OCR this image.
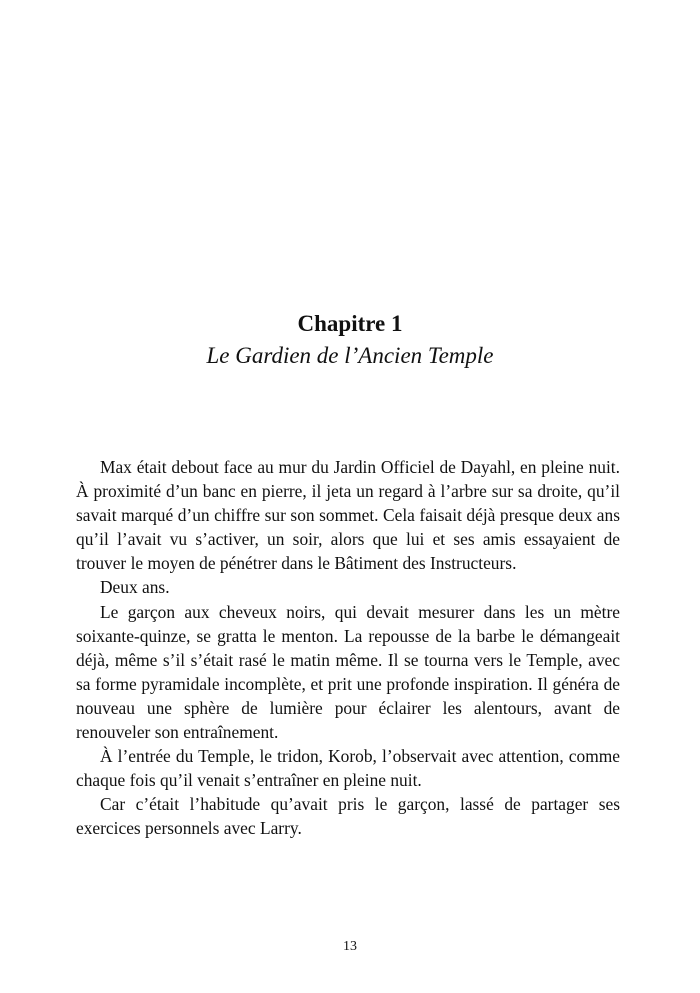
Chapitre 1
Le Gardien de l’Ancien Temple

Max était debout face au mur du Jardin Officiel de Dayahl, en pleine nuit. À proximité d’un banc en pierre, il jeta un regard à l’arbre sur sa droite, qu’il savait marqué d’un chiffre sur son sommet. Cela faisait déjà presque deux ans qu’il l’avait vu s’activer, un soir, alors que lui et ses amis essayaient de trouver le moyen de pénétrer dans le Bâtiment des Instructeurs.

Deux ans.

Le garçon aux cheveux noirs, qui devait mesurer dans les un mètre soixante-quinze, se gratta le menton. La repousse de la barbe le démangeait déjà, même s’il s’était rasé le matin même. Il se tourna vers le Temple, avec sa forme pyramidale incomplète, et prit une profonde inspiration. Il généra de nouveau une sphère de lumière pour éclairer les alentours, avant de renouveler son entraînement.

À l’entrée du Temple, le tridon, Korob, l’observait avec attention, comme chaque fois qu’il venait s’entraîner en pleine nuit.

Car c’était l’habitude qu’avait pris le garçon, lassé de partager ses exercices personnels avec Larry.

13
